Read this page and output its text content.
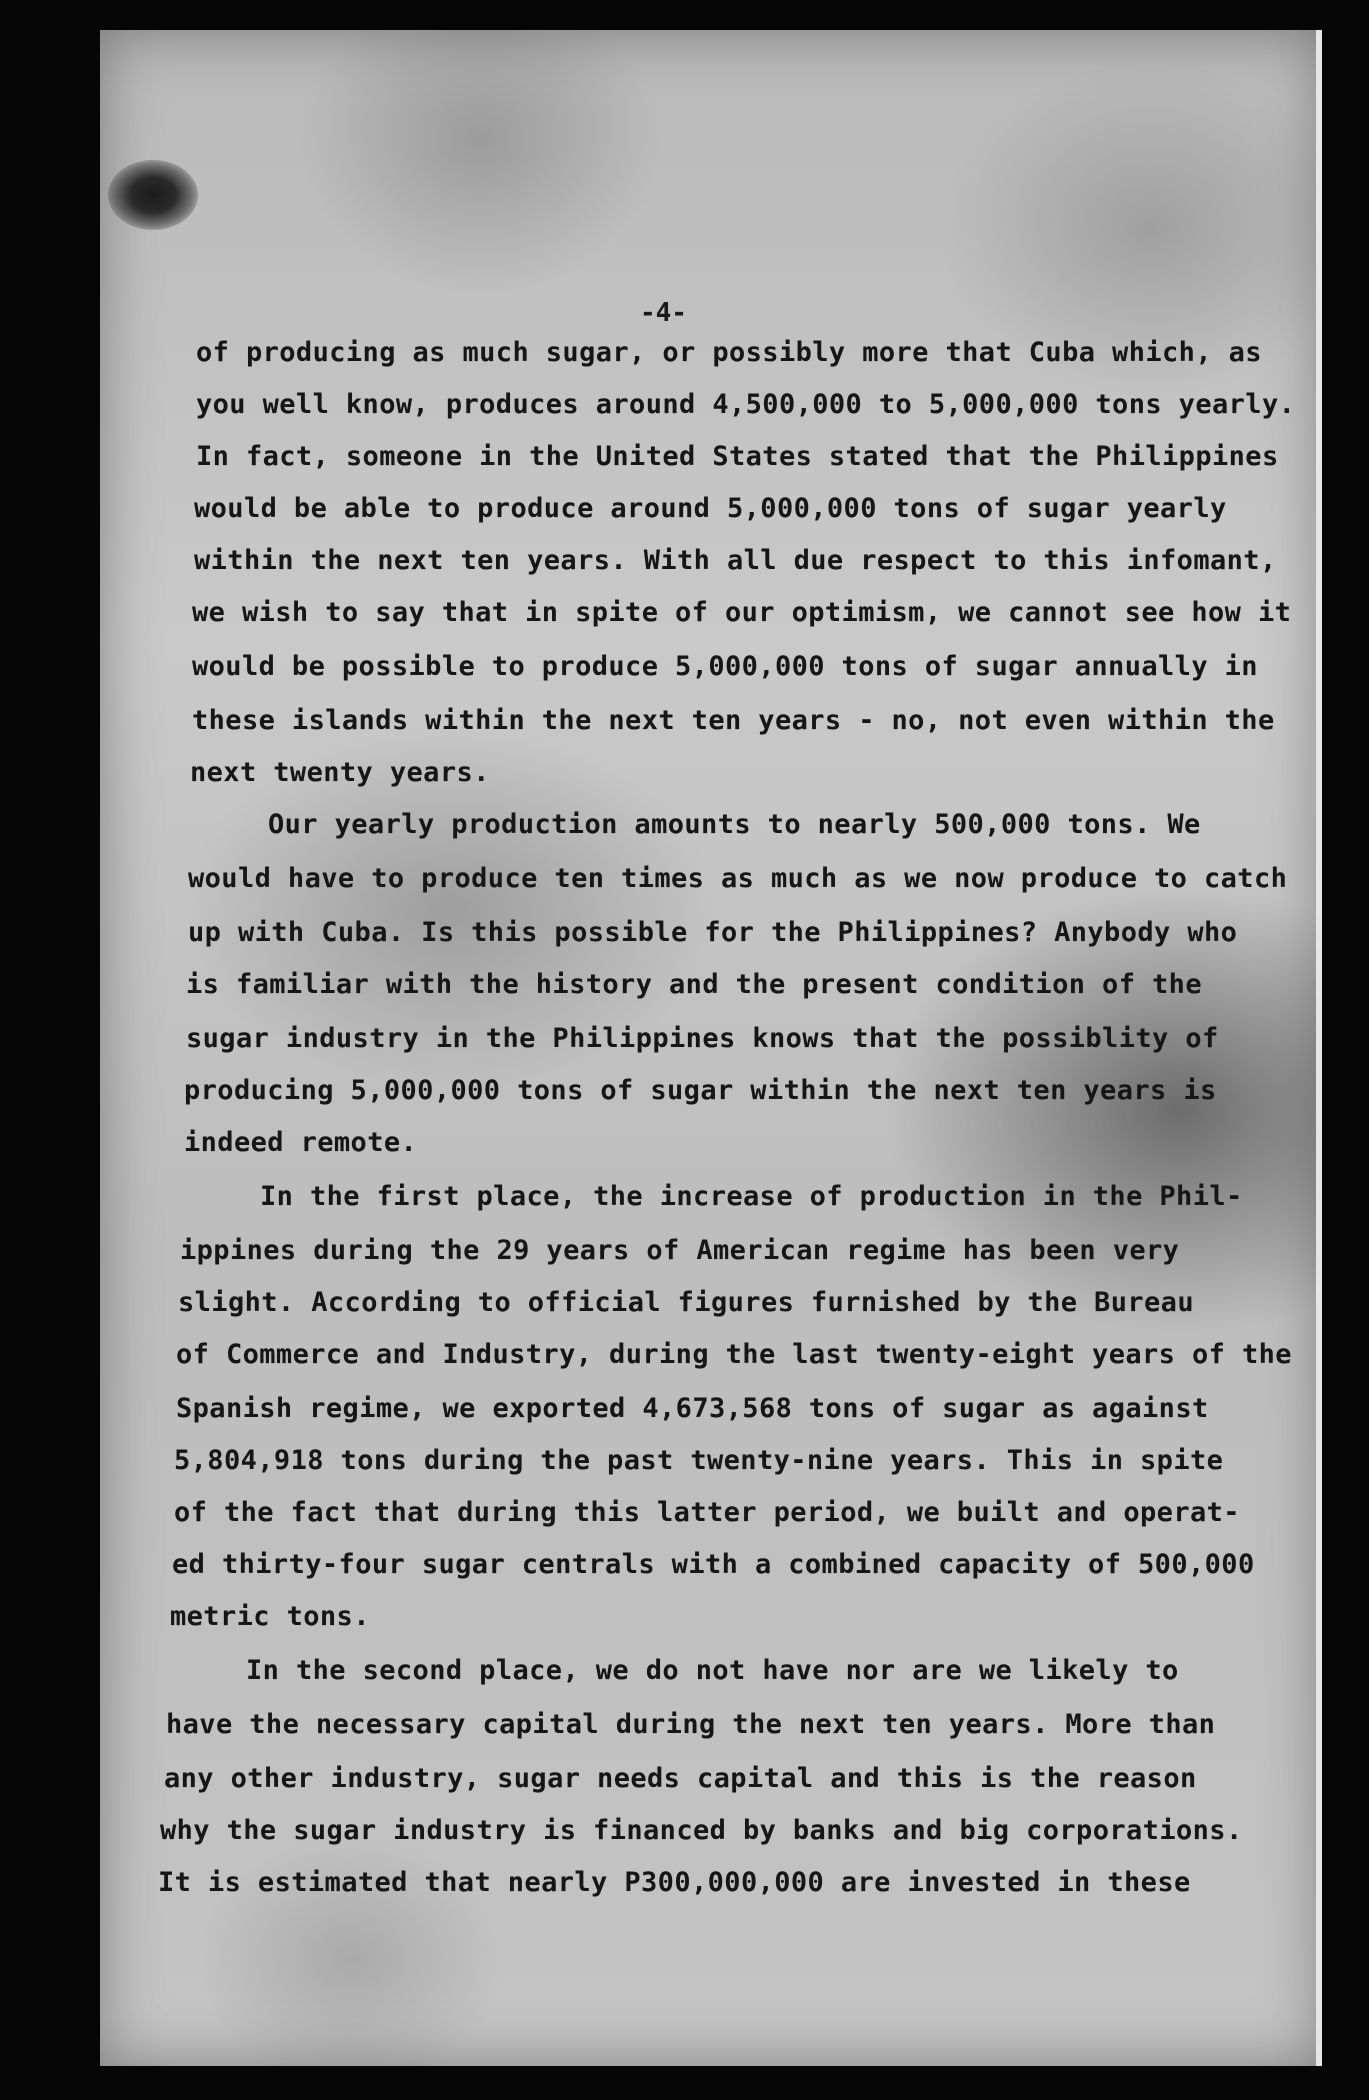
-4-
of producing as much sugar, or possibly more that Cuba which, as
you well know, produces around 4,500,000 to 5,000,000 tons yearly.
In fact, someone in the United States stated that the Philippines
would be able to produce around 5,000,000 tons of sugar yearly
within the next ten years. With all due respect to this infomant,
we wish to say that in spite of our optimism, we cannot see how it
would be possible to produce 5,000,000 tons of sugar annually in
these islands within the next ten years - no, not even within the
next twenty years.
Our yearly production amounts to nearly 500,000 tons. We
would have to produce ten times as much as we now produce to catch
up with Cuba. Is this possible for the Philippines? Anybody who
is familiar with the history and the present condition of the
sugar industry in the Philippines knows that the possiblity of
producing 5,000,000 tons of sugar within the next ten years is
indeed remote.
In the first place, the increase of production in the Phil-
ippines during the 29 years of American regime has been very
slight. According to official figures furnished by the Bureau
of Commerce and Industry, during the last twenty-eight years of the
Spanish regime, we exported 4,673,568 tons of sugar as against
5,804,918 tons during the past twenty-nine years. This in spite
of the fact that during this latter period, we built and operat-
ed thirty-four sugar centrals with a combined capacity of 500,000
metric tons.
In the second place, we do not have nor are we likely to
have the necessary capital during the next ten years. More than
any other industry, sugar needs capital and this is the reason
why the sugar industry is financed by banks and big corporations.
It is estimated that nearly P300,000,000 are invested in these
